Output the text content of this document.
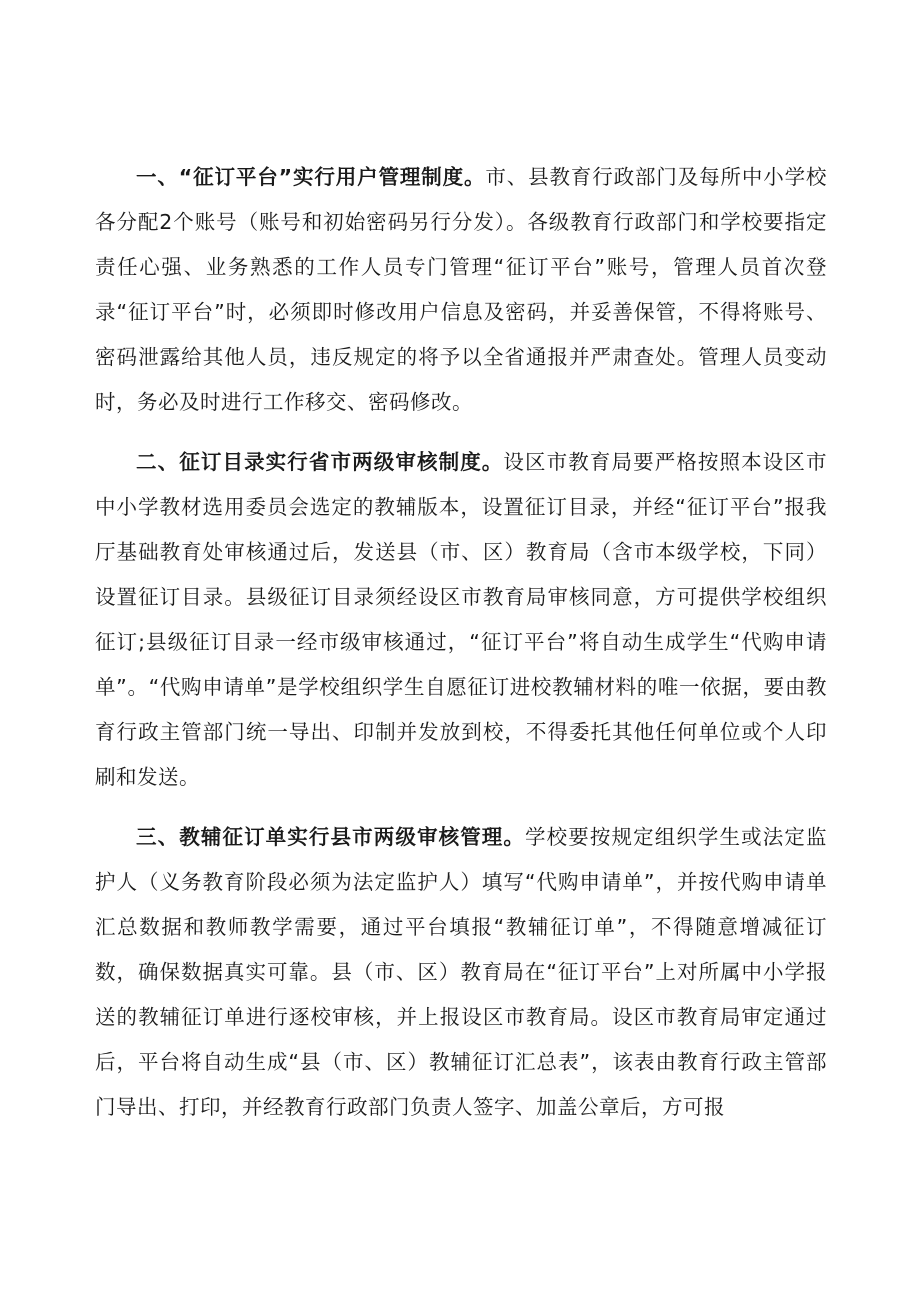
一、“征订平台”实行用户管理制度。市、县教育行政部门及每所中小学校各分配2个账号（账号和初始密码另行分发）。各级教育行政部门和学校要指定责任心强、业务熟悉的工作人员专门管理“征订平台”账号，管理人员首次登录“征订平台”时，必须即时修改用户信息及密码，并妥善保管，不得将账号、密码泄露给其他人员，违反规定的将予以全省通报并严肃查处。管理人员变动时，务必及时进行工作移交、密码修改。

二、征订目录实行省市两级审核制度。设区市教育局要严格按照本设区市中小学教材选用委员会选定的教辅版本，设置征订目录，并经“征订平台”报我厅基础教育处审核通过后，发送县（市、区）教育局（含市本级学校，下同）设置征订目录。县级征订目录须经设区市教育局审核同意，方可提供学校组织征订;县级征订目录一经市级审核通过，“征订平台”将自动生成学生“代购申请单”。“代购申请单”是学校组织学生自愿征订进校教辅材料的唯一依据，要由教育行政主管部门统一导出、印制并发放到校，不得委托其他任何单位或个人印刷和发送。

三、教辅征订单实行县市两级审核管理。学校要按规定组织学生或法定监护人（义务教育阶段必须为法定监护人）填写“代购申请单”，并按代购申请单汇总数据和教师教学需要，通过平台填报“教辅征订单”，不得随意增减征订数，确保数据真实可靠。县（市、区）教育局在“征订平台”上对所属中小学报送的教辅征订单进行逐校审核，并上报设区市教育局。设区市教育局审定通过后，平台将自动生成“县（市、区）教辅征订汇总表”，该表由教育行政主管部门导出、打印，并经教育行政部门负责人签字、加盖公章后，方可报
